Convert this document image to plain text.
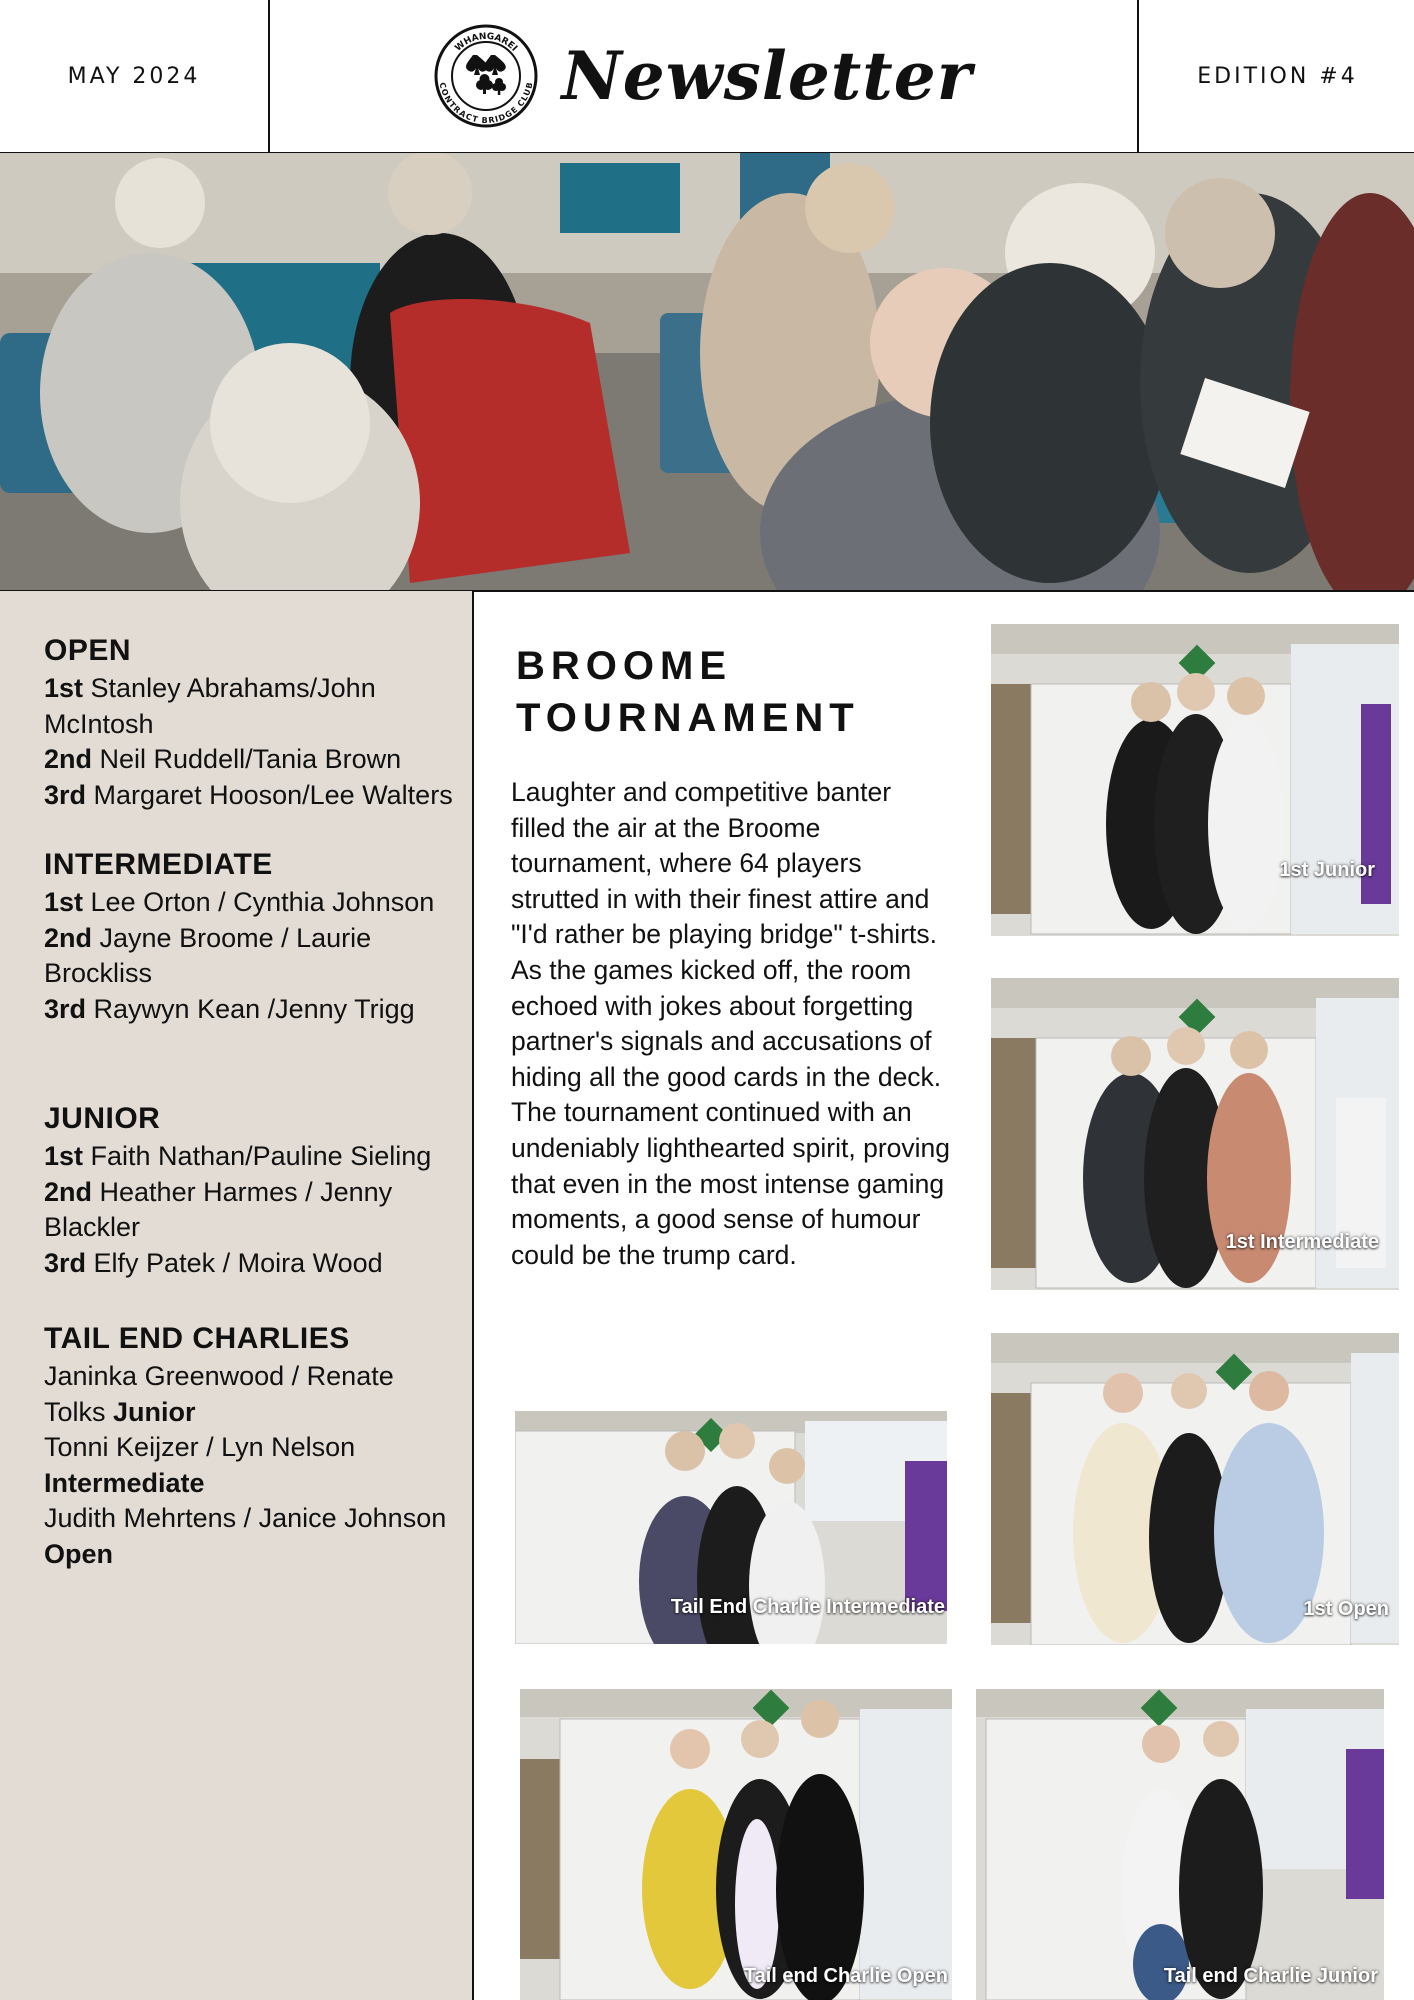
MAY 2024
WHANGAREI
CONTRACT BRIDGE CLUB Newsletter	EDITION #4

OPEN

1st Stanley Abrahams/John McIntosh

2nd Neil Ruddell/Tania Brown

3rd Margaret Hooson/Lee Walters

INTERMEDIATE

1st Lee Orton / Cynthia Johnson

2nd Jayne Broome / Laurie Brockliss

3rd Raywyn Kean /Jenny Trigg

JUNIOR

1st Faith Nathan/Pauline Sieling

2nd Heather Harmes / Jenny Blackler

3rd Elfy Patek / Moira Wood

TAIL END CHARLIES

Janinka Greenwood / Renate Tolks Junior

Tonni Keijzer / Lyn Nelson Intermediate

Judith Mehrtens / Janice Johnson Open

BROOME TOURNAMENT

Laughter and competitive banter filled the air at the Broome tournament, where 64 players strutted in with their finest attire and "I'd rather be playing bridge" t-shirts. As the games kicked off, the room echoed with jokes about forgetting partner's signals and accusations of hiding all the good cards in the deck. The tournament continued with an undeniably lighthearted spirit, proving that even in the most intense gaming moments, a good sense of humour could be the trump card.

1st Junior
1st Intermediate
Tail End Charlie Intermediate	1st Open
Tail end Charlie Open	Tail end Charlie Junior
